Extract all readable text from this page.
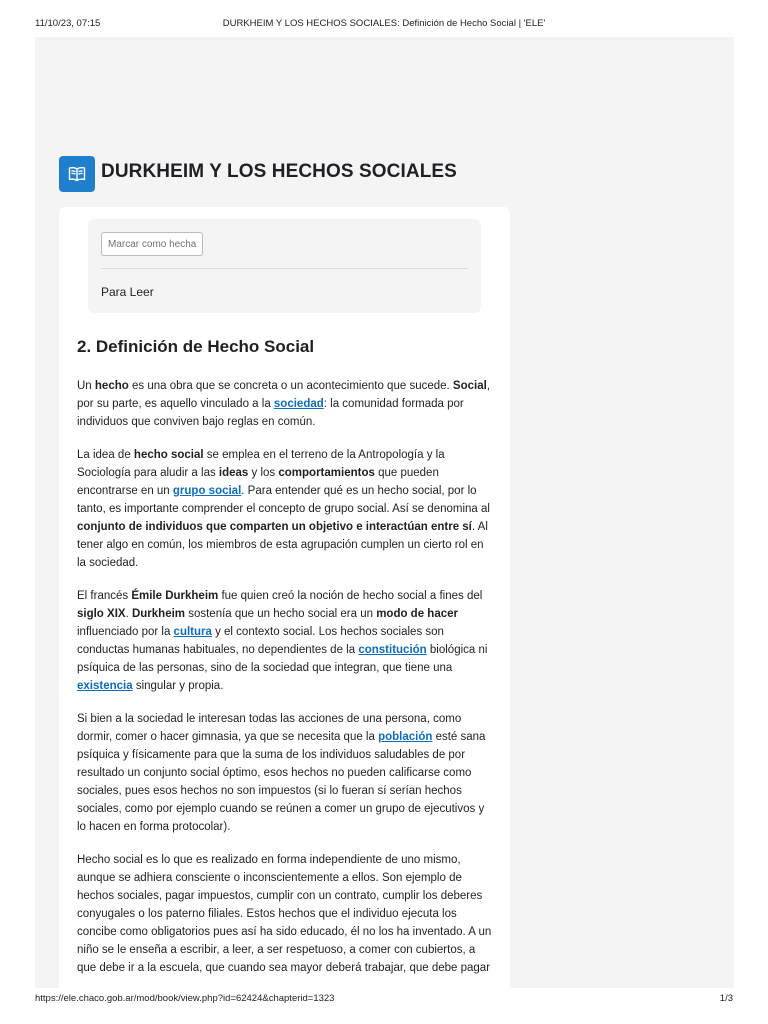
11/10/23, 07:15	DURKHEIM Y LOS HECHOS SOCIALES: Definición de Hecho Social | 'ELE'
DURKHEIM Y LOS HECHOS SOCIALES
Marcar como hecha
Para Leer
2. Definición de Hecho Social

Un hecho es una obra que se concreta o un acontecimiento que sucede. Social, por su parte, es aquello vinculado a la sociedad: la comunidad formada por individuos que conviven bajo reglas en común.

La idea de hecho social se emplea en el terreno de la Antropología y la Sociología para aludir a las ideas y los comportamientos que pueden encontrarse en un grupo social. Para entender qué es un hecho social, por lo tanto, es importante comprender el concepto de grupo social. Así se denomina al conjunto de individuos que comparten un objetivo e interactúan entre sí. Al tener algo en común, los miembros de esta agrupación cumplen un cierto rol en la sociedad.

El francés Émile Durkheim fue quien creó la noción de hecho social a fines del siglo XIX. Durkheim sostenía que un hecho social era un modo de hacer influenciado por la cultura y el contexto social. Los hechos sociales son conductas humanas habituales, no dependientes de la constitución biológica ni psíquica de las personas, sino de la sociedad que integran, que tiene una existencia singular y propia.

Si bien a la sociedad le interesan todas las acciones de una persona, como dormir, comer o hacer gimnasia, ya que se necesita que la población esté sana psíquica y físicamente para que la suma de los individuos saludables de por resultado un conjunto social óptimo, esos hechos no pueden calificarse como sociales, pues esos hechos no son impuestos (si lo fueran sí serían hechos sociales, como por ejemplo cuando se reúnen a comer un grupo de ejecutivos y lo hacen en forma protocolar).

Hecho social es lo que es realizado en forma independiente de uno mismo, aunque se adhiera consciente o inconscientemente a ellos. Son ejemplo de hechos sociales, pagar impuestos, cumplir con un contrato, cumplir los deberes conyugales o los paterno filiales. Estos hechos que el individuo ejecuta los concibe como obligatorios pues así ha sido educado, él no los ha inventado. A un niño se le enseña a escribir, a leer, a ser respetuoso, a comer con cubiertos, a que debe ir a la escuela, que cuando sea mayor deberá trabajar, que debe pagar

https://ele.chaco.gob.ar/mod/book/view.php?id=62424&chapterid=1323	1/3
